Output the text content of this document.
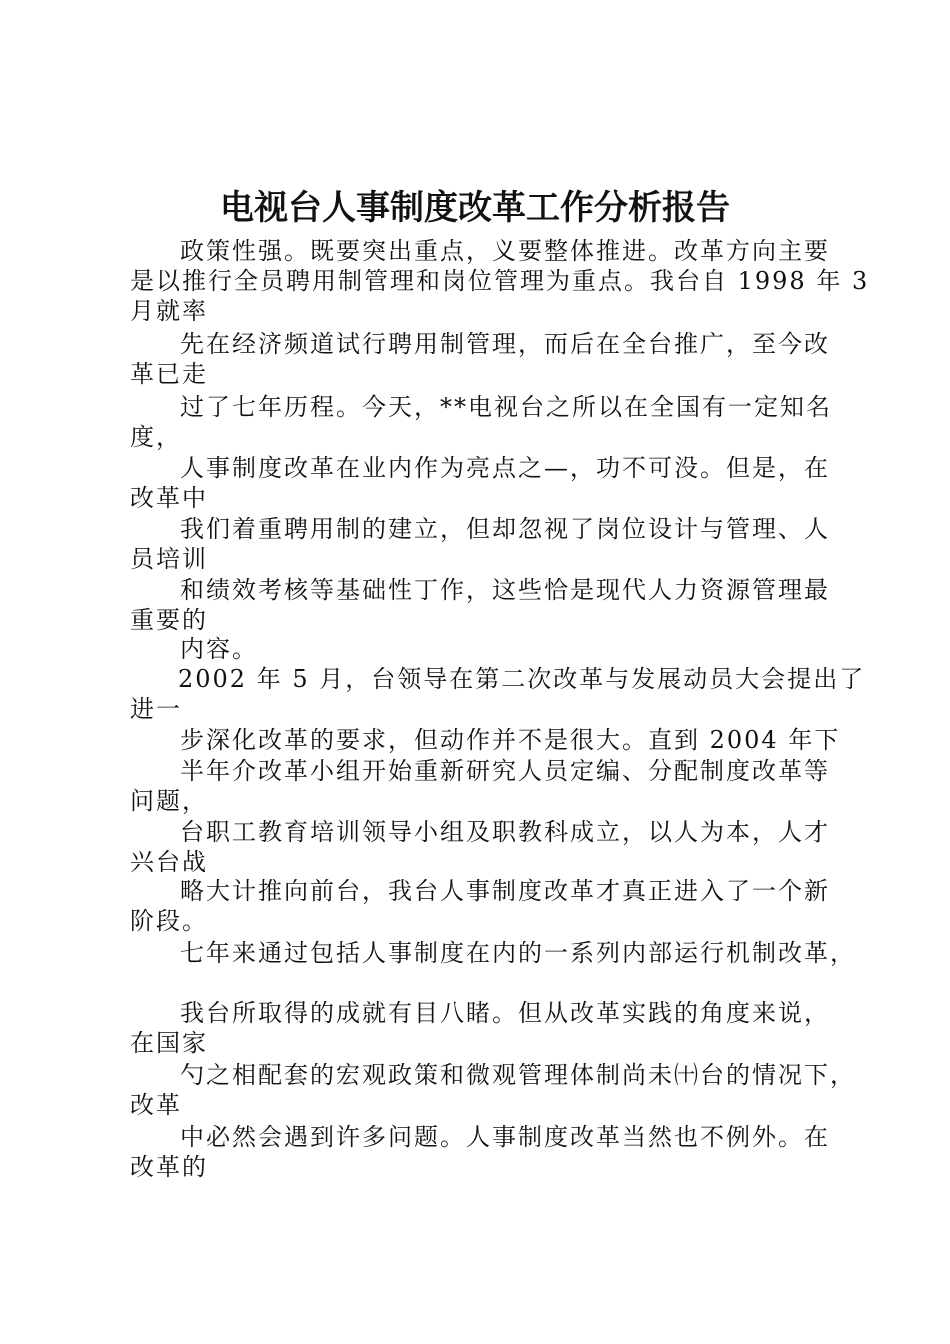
电视台人事制度改革工作分析报告

政策性强。既要突出重点，义要整体推进。改革方向主要
是以推行全员聘用制管理和岗位管理为重点。我台自 1998 年 3
月就率

先在经济频道试行聘用制管理，而后在全台推广，至今改
革已走

过了七年历程。今天，**电视台之所以在全国有一定知名
度，

人事制度改革在业内作为亮点之—，功不可没。但是，在
改革中

我们着重聘用制的建立，但却忽视了岗位设计与管理、人
员培训

和绩效考核等基础性丁作，这些恰是现代人力资源管理最
重要的

内容。

2002 年 5 月，台领导在第二次改革与发展动员大会提出了
进一

步深化改革的要求，但动作并不是很大。直到 2004 年下

半年介改革小组开始重新研究人员定编、分配制度改革等
问题，

台职工教育培训领导小组及职教科成立，以人为本，人才
兴台战

略大计推向前台，我台人事制度改革才真正进入了一个新
阶段。

七年来通过包括人事制度在内的一系列内部运行机制改革，

我台所取得的成就有目八睹。但从改革实践的角度来说，
在国家

勺之相配套的宏观政策和微观管理体制尚未㈩台的情况下，
改革

中必然会遇到许多问题。人事制度改革当然也不例外。在
改革的
